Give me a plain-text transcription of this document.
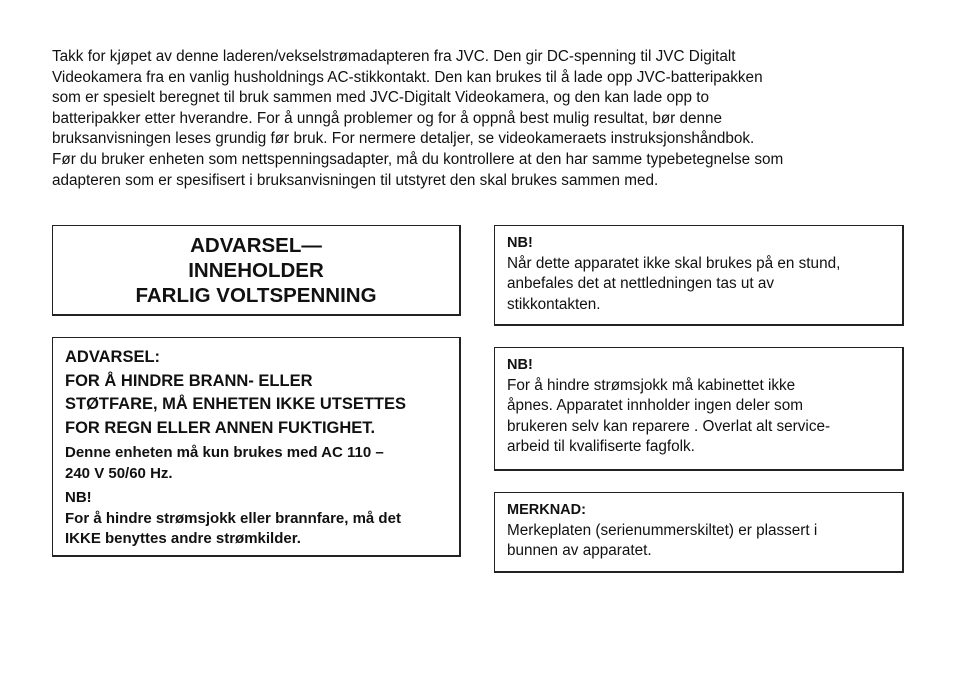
Takk for kjøpet av denne laderen/vekselstrømadapteren fra JVC. Den gir DC-spenning til JVC Digitalt

Videokamera fra en vanlig husholdnings AC-stikkontakt. Den kan brukes til å lade opp JVC-batteripakken

som er spesielt beregnet til bruk sammen med JVC-Digitalt Videokamera, og den kan lade opp to

batteripakker etter hverandre. For å unngå problemer og for å oppnå best mulig resultat, bør denne

bruksanvisningen leses grundig før bruk. For nermere detaljer, se videokameraets instruksjonshåndbok.

Før du bruker enheten som nettspenningsadapter, må du kontrollere at den har samme typebetegnelse som

adapteren som er spesifisert i bruksanvisningen til utstyret den skal brukes sammen med.

ADVARSEL—
INNEHOLDER
FARLIG VOLTSPENNING

ADVARSEL:

FOR Å HINDRE BRANN- ELLER

STØTFARE, MÅ ENHETEN IKKE UTSETTES

FOR REGN ELLER ANNEN FUKTIGHET.

Denne enheten må kun brukes med AC 110 –

240 V 50/60 Hz.

NB!

For å hindre strømsjokk eller brannfare, må det

IKKE benyttes andre strømkilder.

NB!

Når dette apparatet ikke skal brukes på en stund,

anbefales det at nettledningen tas ut av

stikkontakten.

NB!

For å hindre strømsjokk må kabinettet ikke

åpnes. Apparatet innholder ingen deler som

brukeren selv kan reparere . Overlat alt service-

arbeid til kvalifiserte fagfolk.

MERKNAD:

Merkeplaten (serienummerskiltet) er plassert i

bunnen av apparatet.
